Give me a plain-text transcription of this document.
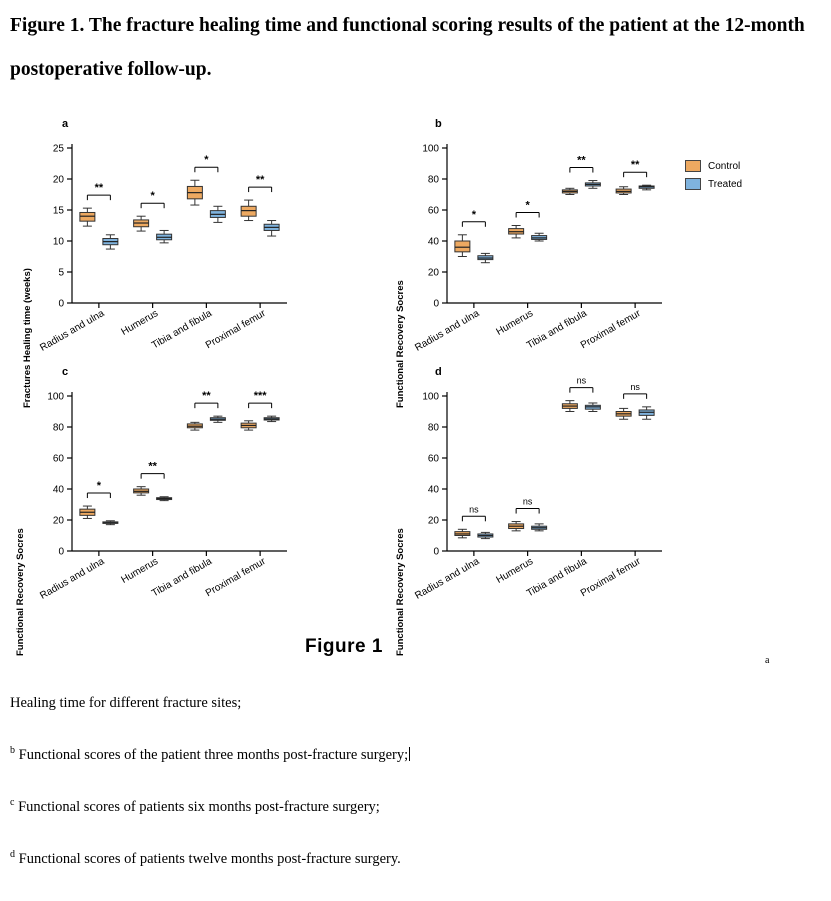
Figure 1. The fracture healing time and functional scoring results of the patient at the 12-month postoperative follow-up.
a
Fractures Healing time (weeks)	0
5
10
15
20
25
**
Radius and ulna
*
Humerus
*
Tibia and fibula
**
Proximal femur
b
Functional Recovery Socres	0
20
40
60
80
100
*
Radius and ulna
*
Humerus
**
Tibia and fibula
**
Proximal femur
Control
Treated
c
Functional Recovery Socres	0
20
40
60
80
100
*
Radius and ulna
**
Humerus
**
Tibia and fibula
***
Proximal femur
d
Functional Recovery Socres	0
20
40
60
80
100
ns
Radius and ulna
ns
Humerus
ns
Tibia and fibula
ns
Proximal femur
Figure 1
a
Healing time for different fracture sites;
$^b$ Functional scores of the patient three months post-fracture surgery;
$^c$ Functional scores of patients six months post-fracture surgery;
$^d$ Functional scores of patients twelve months post-fracture surgery.
